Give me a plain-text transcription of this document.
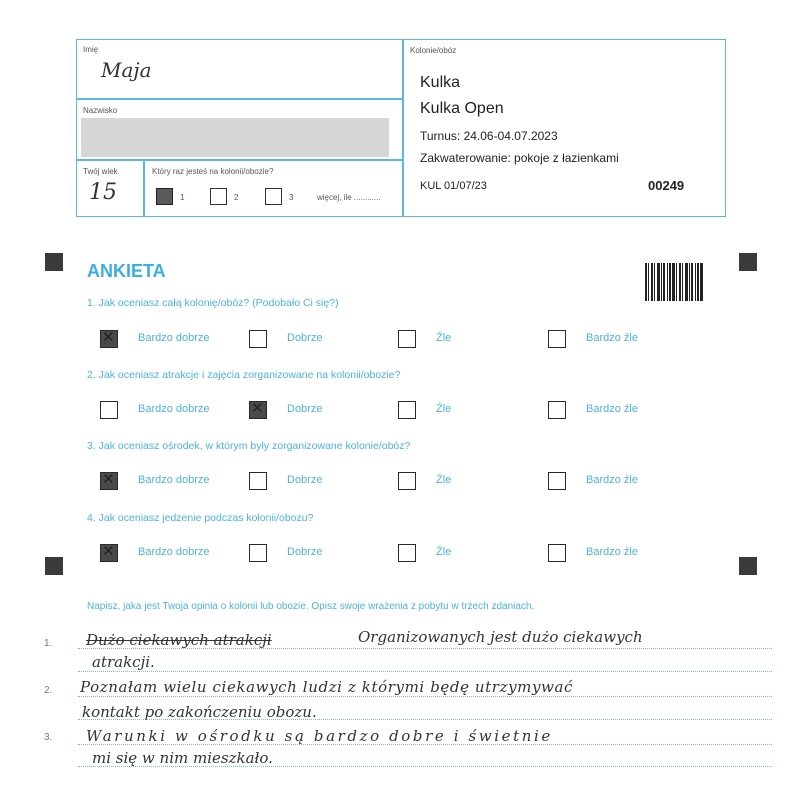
Imię
Maja
Nazwisko
Twój wiek
15
Który raz jesteś na kolonii/obozie?
1	2	3	więcej, ile ............
Kolonie/obóz
Kulka
Kulka Open
Turnus: 24.06-04.07.2023
Zakwaterowanie: pokoje z łazienkami
KUL 01/07/23	00249
ANKIETA
1. Jak oceniasz całą kolonię/obóz? (Podobało Ci się?)
2. Jak oceniasz atrakcje i zajęcia zorganizowane na kolonii/obozie?
3. Jak oceniasz ośrodek, w którym były zorganizowane kolonie/obóz?
4. Jak oceniasz jedzenie podczas kolonii/obozu?
✕
Bardzo dobrze	Dobrze	Źle	Bardzo źle
Bardzo dobrze
✕	Dobrze	Źle	Bardzo źle
✕
Bardzo dobrze	Dobrze	Źle	Bardzo źle
✕
Bardzo dobrze	Dobrze	Źle	Bardzo źle
Napisz, jaka jest Twoja opinia o kolonii lub obozie. Opisz swoje wrażenia z pobytu w trzech zdaniach.
1.
2.
3.
Dużo ciekawych atrakcji	Organizowanych jest dużo ciekawych
atrakcji.
Poznałam wielu ciekawych ludzi z którymi będę utrzymywać
kontakt po zakończeniu obozu.
Warunki w ośrodku są bardzo dobre i świetnie
mi się w nim mieszkało.
